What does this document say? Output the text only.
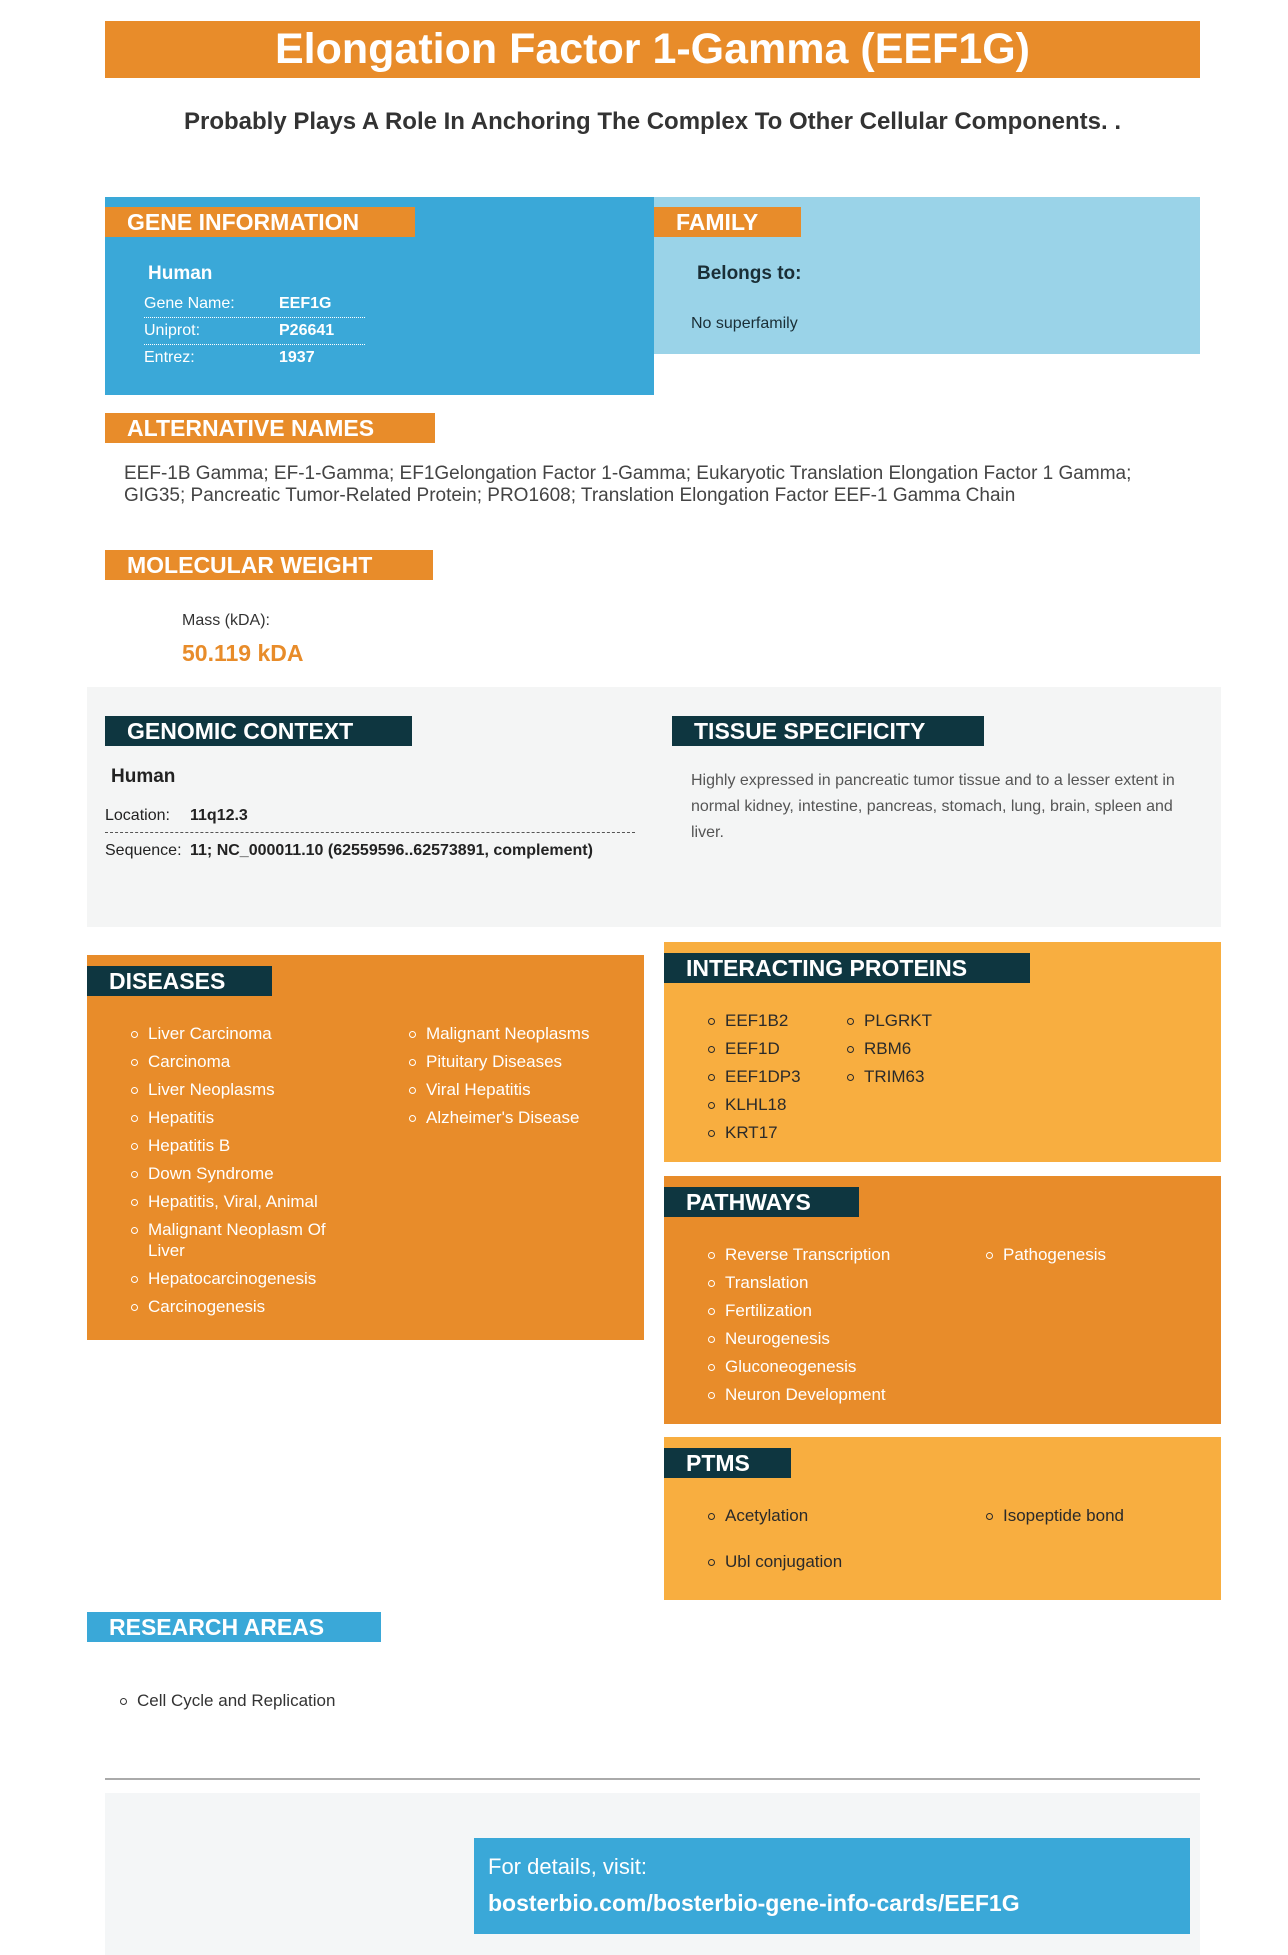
Elongation Factor 1-Gamma (EEF1G)
Probably Plays A Role In Anchoring The Complex To Other Cellular Components. .
GENE INFORMATION
Human
Gene Name:	EEF1G
Uniprot:	P26641
Entrez:	1937
FAMILY
Belongs to:
No superfamily
ALTERNATIVE NAMES
EEF-1B Gamma; EF-1-Gamma; EF1Gelongation Factor 1-Gamma; Eukaryotic Translation Elongation Factor 1 Gamma; GIG35; Pancreatic Tumor-Related Protein; PRO1608; Translation Elongation Factor EEF-1 Gamma Chain
MOLECULAR WEIGHT
Mass (kDA):
50.119 kDA
GENOMIC CONTEXT
Human
Location: 11q12.3
Sequence: 11; NC_000011.10 (62559596..62573891, complement)
TISSUE SPECIFICITY
Highly expressed in pancreatic tumor tissue and to a lesser extent in normal kidney, intestine, pancreas, stomach, lung, brain, spleen and liver.
DISEASES
Liver Carcinoma
Carcinoma
Liver Neoplasms
Hepatitis
Hepatitis B
Down Syndrome
Hepatitis, Viral, Animal
Malignant Neoplasm Of Liver
Hepatocarcinogenesis
Carcinogenesis
Malignant Neoplasms
Pituitary Diseases
Viral Hepatitis
Alzheimer's Disease
INTERACTING PROTEINS
EEF1B2
EEF1D
EEF1DP3
KLHL18
KRT17
PLGRKT
RBM6
TRIM63
PATHWAYS
Reverse Transcription
Translation
Fertilization
Neurogenesis
Gluconeogenesis
Neuron Development
Pathogenesis
PTMS
Acetylation
Ubl conjugation
Isopeptide bond
RESEARCH AREAS
Cell Cycle and Replication
For details, visit:
bosterbio.com/bosterbio-gene-info-cards/EEF1G
